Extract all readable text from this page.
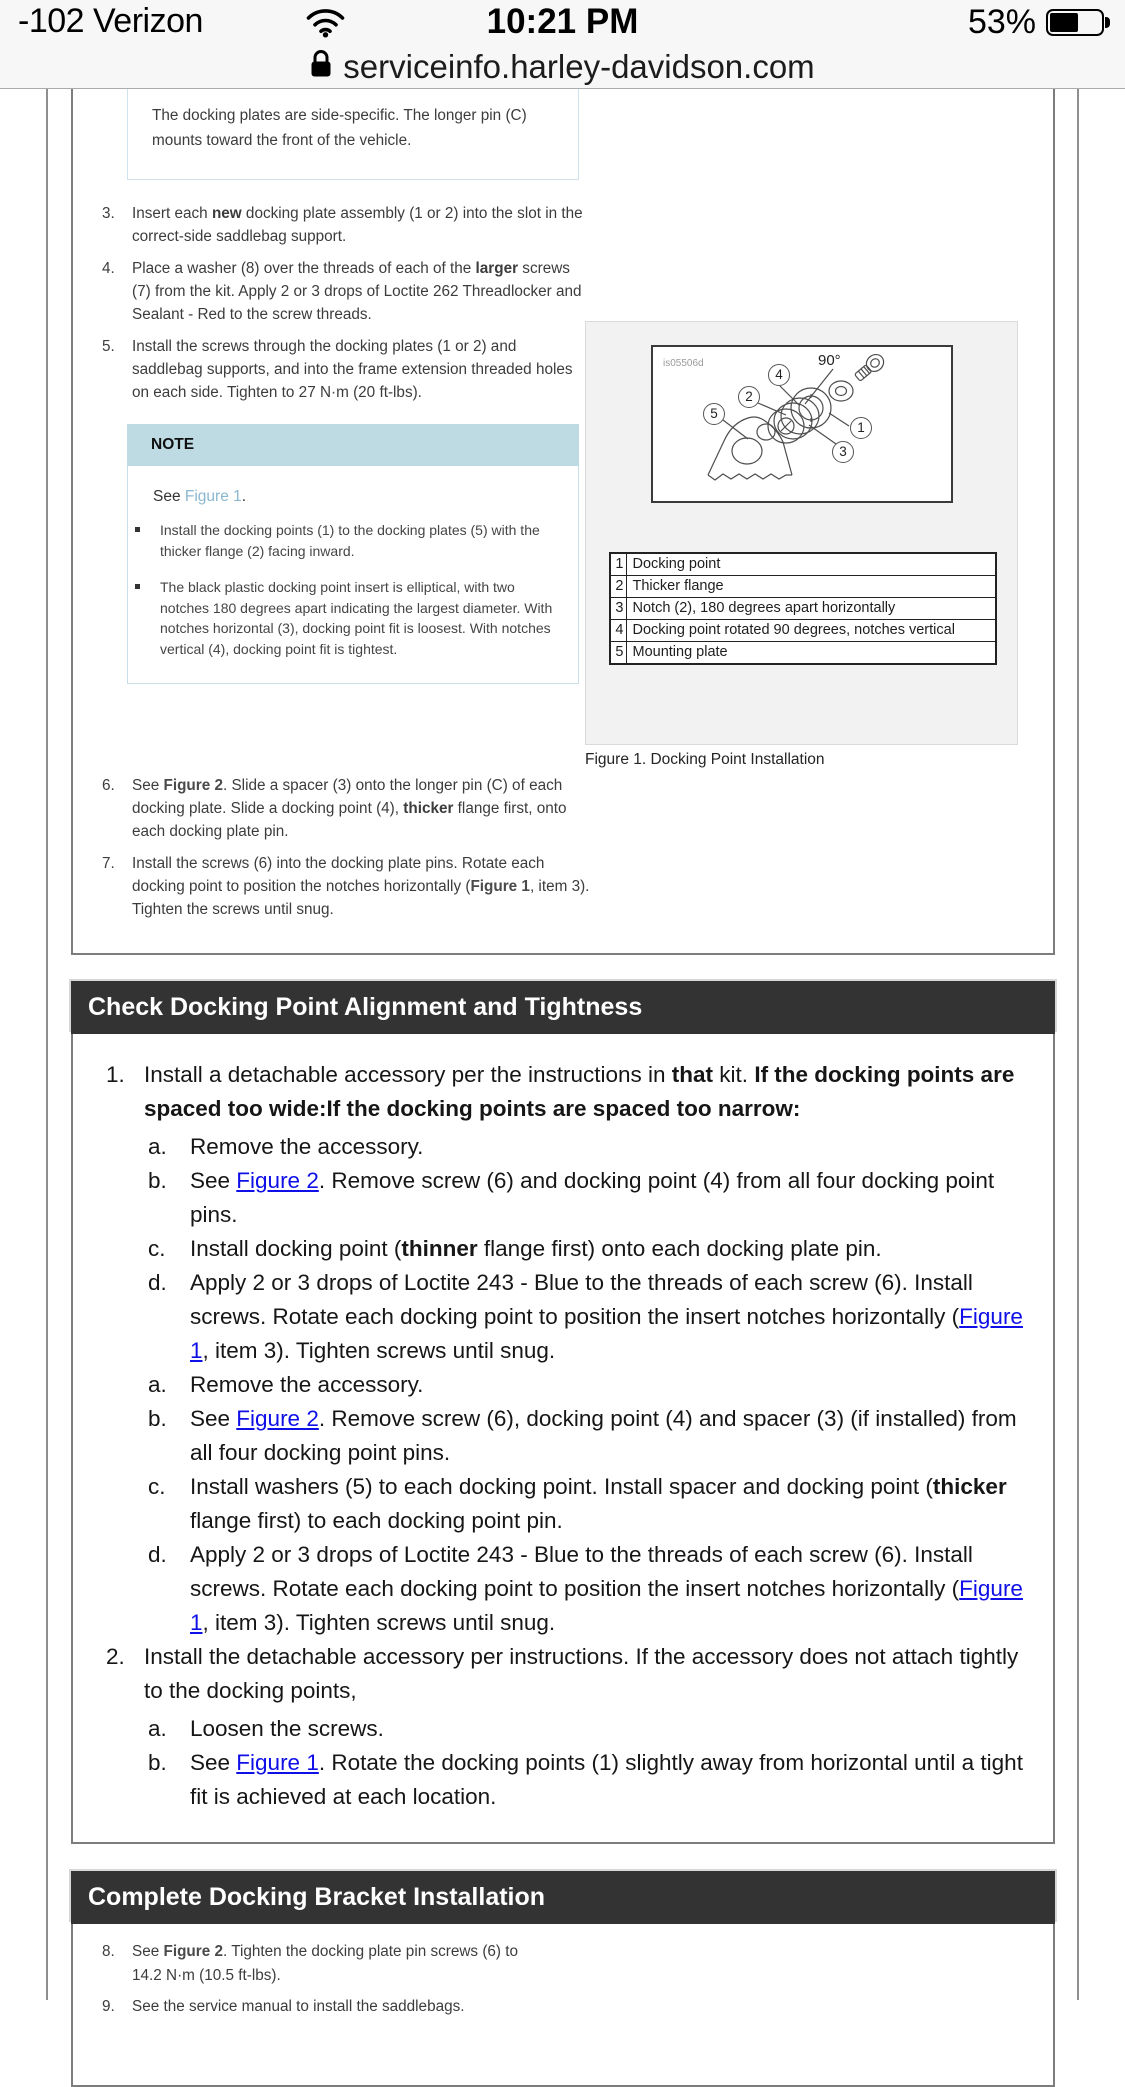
-102 Verizon	10:21 PM	53%
serviceinfo.harley-davidson.com

The docking plates are side-specific. The longer pin (C) mounts toward the front of the vehicle.

3.	Insert each new docking plate assembly (1 or 2) into the slot in the correct-side saddlebag support.
4.	Place a washer (8) over the threads of each of the larger screws (7) from the kit. Apply 2 or 3 drops of Loctite 262 Threadlocker and Sealant - Red to the screw threads.
5.	Install the screws through the docking plates (1 or 2) and saddlebag supports, and into the frame extension threaded holes on each side. Tighten to 27 N·m (20 ft-lbs).
NOTE

See Figure 1.

Install the docking points (1) to the docking plates (5) with the thicker flange (2) facing inward.
The black plastic docking point insert is elliptical, with two notches 180 degrees apart indicating the largest diameter. With notches horizontal (3), docking point fit is loosest. With notches vertical (4), docking point fit is tightest.
6.	See Figure 2. Slide a spacer (3) onto the longer pin (C) of each docking plate. Slide a docking point (4), thicker flange first, onto each docking plate pin.
7.	Install the screws (6) into the docking plate pins. Rotate each docking point to position the notches horizontally (Figure 1, item 3). Tighten the screws until snug.
is05506d	90°
1
2
3
4
5
1	Docking point
2	Thicker flange
3	Notch (2), 180 degrees apart horizontally
4	Docking point rotated 90 degrees, notches vertical
5	Mounting plate
Figure 1. Docking Point Installation
Check Docking Point Alignment and Tightness
1. Install a detachable accessory per the instructions in that kit. If the docking points are spaced too wide:If the docking points are spaced too narrow:
a.	Remove the accessory.
b.	See Figure 2. Remove screw (6) and docking point (4) from all four docking point pins.
c.	Install docking point (thinner flange first) onto each docking plate pin.
d.	Apply 2 or 3 drops of Loctite 243 - Blue to the threads of each screw (6). Install screws. Rotate each docking point to position the insert notches horizontally (Figure 1, item 3). Tighten screws until snug.
a.	Remove the accessory.
b.	See Figure 2. Remove screw (6), docking point (4) and spacer (3) (if installed) from all four docking point pins.
c.	Install washers (5) to each docking point. Install spacer and docking point (thicker flange first) to each docking point pin.
d.	Apply 2 or 3 drops of Loctite 243 - Blue to the threads of each screw (6). Install screws. Rotate each docking point to position the insert notches horizontally (Figure 1, item 3). Tighten screws until snug.
2. Install the detachable accessory per instructions. If the accessory does not attach tightly to the docking points,
a.	Loosen the screws.
b.	See Figure 1. Rotate the docking points (1) slightly away from horizontal until a tight fit is achieved at each location.
Complete Docking Bracket Installation
8.	See Figure 2. Tighten the docking plate pin screws (6) to 14.2 N·m (10.5 ft-lbs).
9.	See the service manual to install the saddlebags.
